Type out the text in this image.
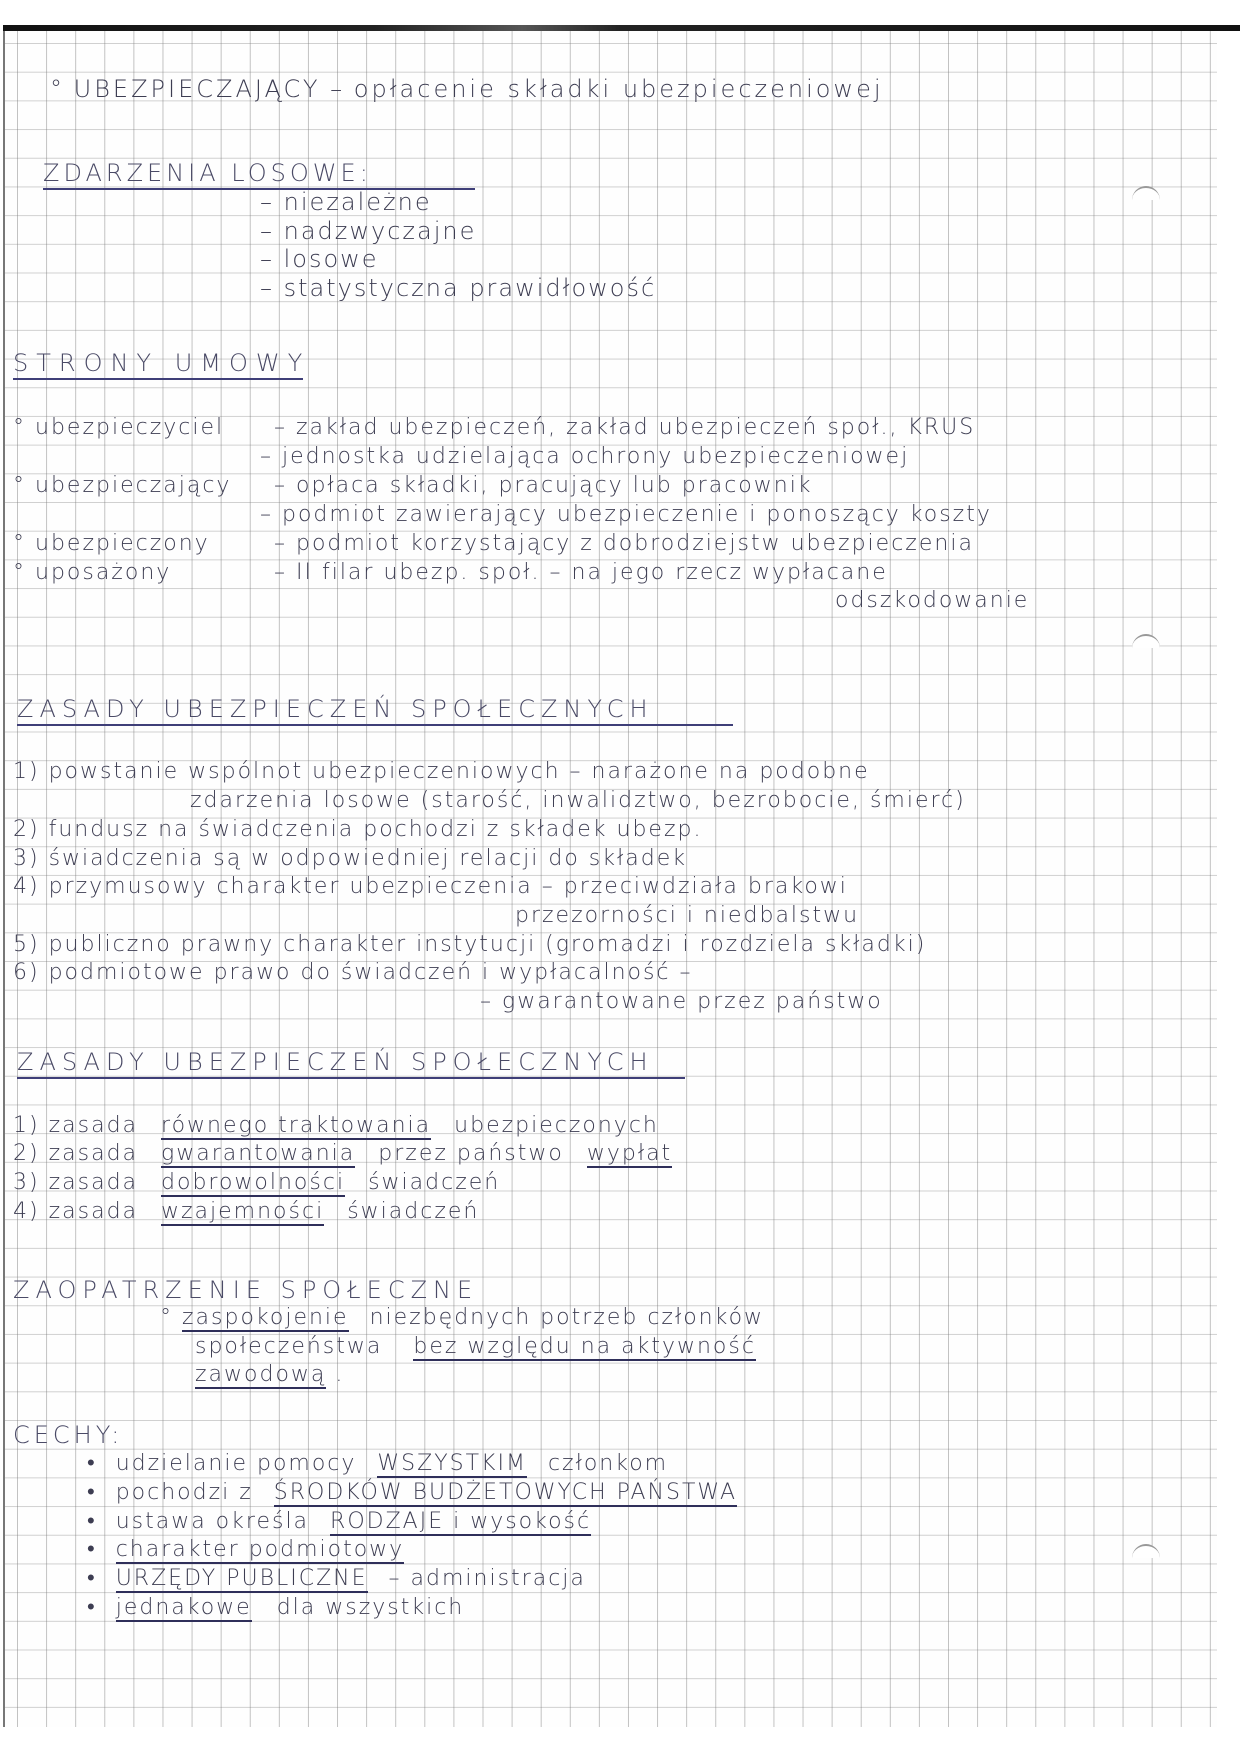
° UBEZPIECZAJĄCY – opłacenie składki ubezpieczeniowej
ZDARZENIA LOSOWE:
– niezależne
– nadzwyczajne
– losowe
– statystyczna prawidłowość
STRONY UMOWY
° ubezpieczyciel – zakład ubezpieczeń, zakład ubezpieczeń społ., KRUS
– jednostka udzielająca ochrony ubezpieczeniowej
° ubezpieczający – opłaca składki, pracujący lub pracownik
– podmiot zawierający ubezpieczenie i ponoszący koszty
° ubezpieczony	– podmiot korzystający z dobrodziejstw ubezpieczenia
° uposażony	– II filar ubezp. społ. – na jego rzecz wypłacane
odszkodowanie
ZASADY UBEZPIECZEŃ SPOŁECZNYCH
1) powstanie wspólnot ubezpieczeniowych – narażone na podobne
zdarzenia losowe (starość, inwalidztwo, bezrobocie, śmierć)
2) fundusz na świadczenia pochodzi z składek ubezp.
3) świadczenia są w odpowiedniej relacji do składek
4) przymusowy charakter ubezpieczenia – przeciwdziała brakowi
przezorności i niedbalstwu
5) publiczno prawny charakter instytucji (gromadzi i rozdziela składki)
6) podmiotowe prawo do świadczeń i wypłacalność –
– gwarantowane przez państwo
ZASADY UBEZPIECZEŃ SPOŁECZNYCH
1) zasada równego traktowania ubezpieczonych
2) zasada gwarantowania przez państwo wypłat
3) zasada dobrowolności świadczeń
4) zasada wzajemności świadczeń
ZAOPATRZENIE SPOŁECZNE
° zaspokojenie niezbędnych potrzeb członków
społeczeństwa bez względu na aktywność
zawodową .
CECHY:
• udzielanie pomocy WSZYSTKIM członkom
• pochodzi z ŚRODKÓW BUDŻETOWYCH PAŃSTWA
• ustawa określa RODZAJE i wysokość
• charakter podmiotowy
• URZĘDY PUBLICZNE – administracja
• jednakowe dla wszystkich
